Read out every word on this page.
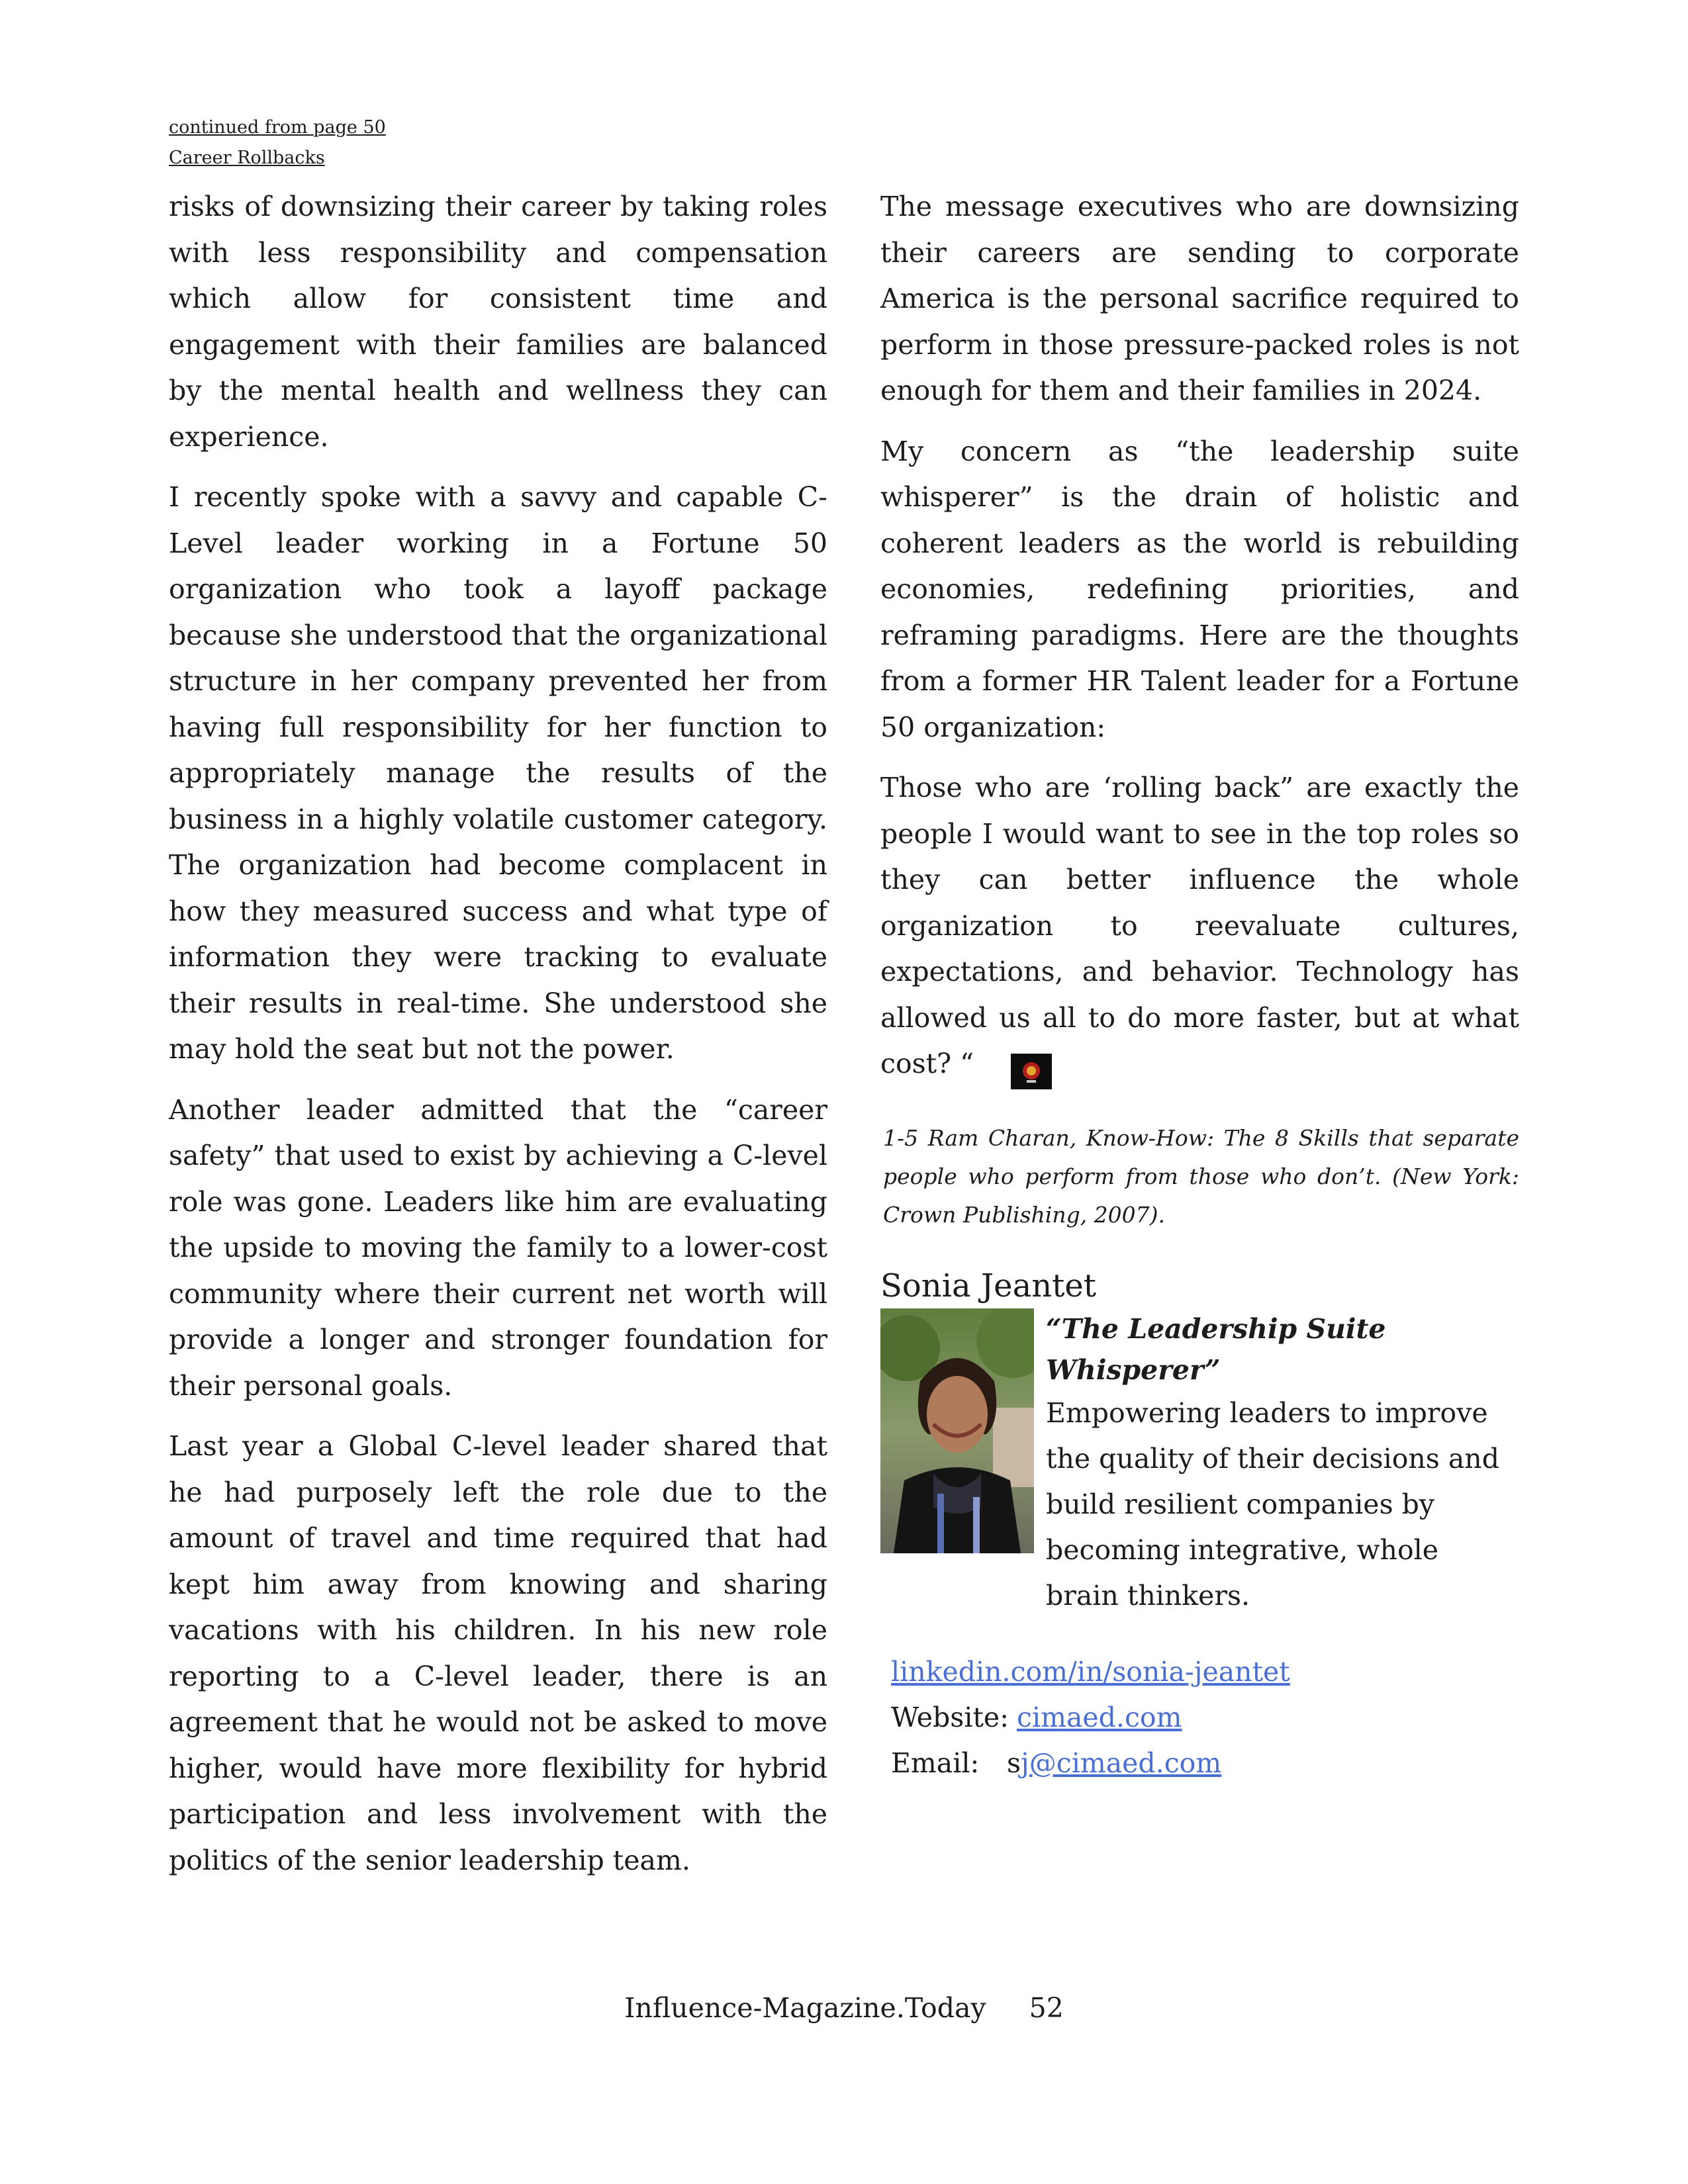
continued from page 50
Career Rollbacks

risks of downsizing their career by taking roles with less responsibility and compensation which allow for consistent time and engagement with their families are balanced by the mental health and wellness they can experience.

I recently spoke with a savvy and capable C-Level leader working in a Fortune 50 organization who took a layoff package because she understood that the organizational structure in her company prevented her from having full responsibility for her function to appropriately manage the results of the business in a highly volatile customer category. The organization had become complacent in how they measured success and what type of information they were tracking to evaluate their results in real-time. She understood she may hold the seat but not the power.

Another leader admitted that the “career safety” that used to exist by achieving a C-level role was gone. Leaders like him are evaluating the upside to moving the family to a lower-cost community where their current net worth will provide a longer and stronger foundation for their personal goals.

Last year a Global C-level leader shared that he had purposely left the role due to the amount of travel and time required that had kept him away from knowing and sharing vacations with his children. In his new role reporting to a C-level leader, there is an agreement that he would not be asked to move higher, would have more flexibility for hybrid participation and less involvement with the politics of the senior leadership team.

The message executives who are downsizing their careers are sending to corporate America is the personal sacrifice required to perform in those pressure-packed roles is not enough for them and their families in 2024.

My concern as “the leadership suite whisperer” is the drain of holistic and coherent leaders as the world is rebuilding economies, redefining priorities, and reframing paradigms. Here are the thoughts from a former HR Talent leader for a Fortune 50 organization:

Those who are ‘rolling back” are exactly the people I would want to see in the top roles so they can better influence the whole organization to reevaluate cultures, expectations, and behavior. Technology has allowed us all to do more faster, but at what cost? “

1-5 Ram Charan, Know-How: The 8 Skills that separate people who perform from those who don’t. (New York: Crown Publishing, 2007).
Sonia Jeantet
“The Leadership Suite Whisperer”
Empowering leaders to improve the quality of their decisions and build resilient companies by becoming integrative, whole brain thinkers.
linkedin.com/in/sonia-jeantet
Website: cimaed.com
Email: sj@cimaed.com
Influence-Magazine.Today 52
